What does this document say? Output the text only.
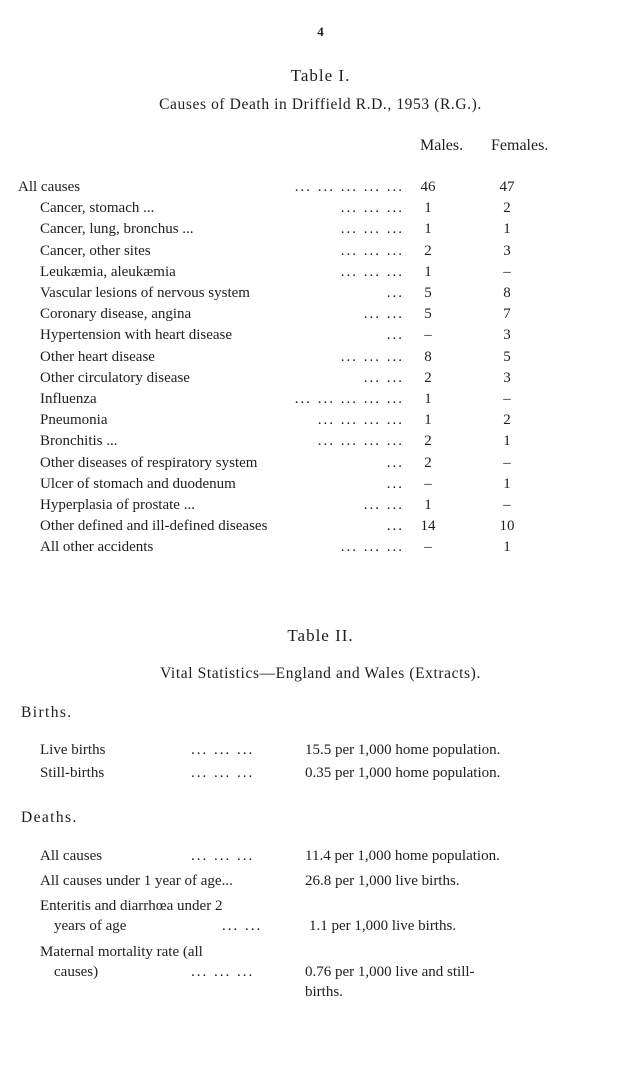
4
Table I.
Causes of Death in Driffield R.D., 1953 (R.G.).
Males. Females.
All causes	... ... ... ... ... 46	47
Cancer, stomach ...	... ... ...	1	2
Cancer, lung, bronchus ...	... ... ...	1	1
Cancer, other sites	... ... ...	2	3
Leukæmia, aleukæmia	... ... ...	1	–
Vascular lesions of nervous system	...	5	8
Coronary disease, angina	... ...	5	7
Hypertension with heart disease	...	–	3
Other heart disease	... ... ...	8	5
Other circulatory disease	... ...	2	3
Influenza	... ... ... ... ...	1	–
Pneumonia	... ... ... ...	1	2
Bronchitis ...	... ... ... ...	2	1
Other diseases of respiratory system	...	2	–
Ulcer of stomach and duodenum	...	–	1
Hyperplasia of prostate ...	... ...	1	–
Other defined and ill-defined diseases	... 14	10
All other accidents	... ... ...	–	1
Table II.
Vital Statistics—England and Wales (Extracts).
Births.
Live births	... ... ...	15.5 per 1,000 home population.
Still-births	... ... ...	0.35 per 1,000 home population.
Deaths.
All causes	... ... ...	11.4 per 1,000 home population.
All causes under 1 year of age...	26.8 per 1,000 live births.
Enteritis and diarrhœa under 2
years of age	... ...	1.1 per 1,000 live births.
Maternal mortality rate (all
causes)	... ... ...	0.76 per 1,000 live and still-
births.
